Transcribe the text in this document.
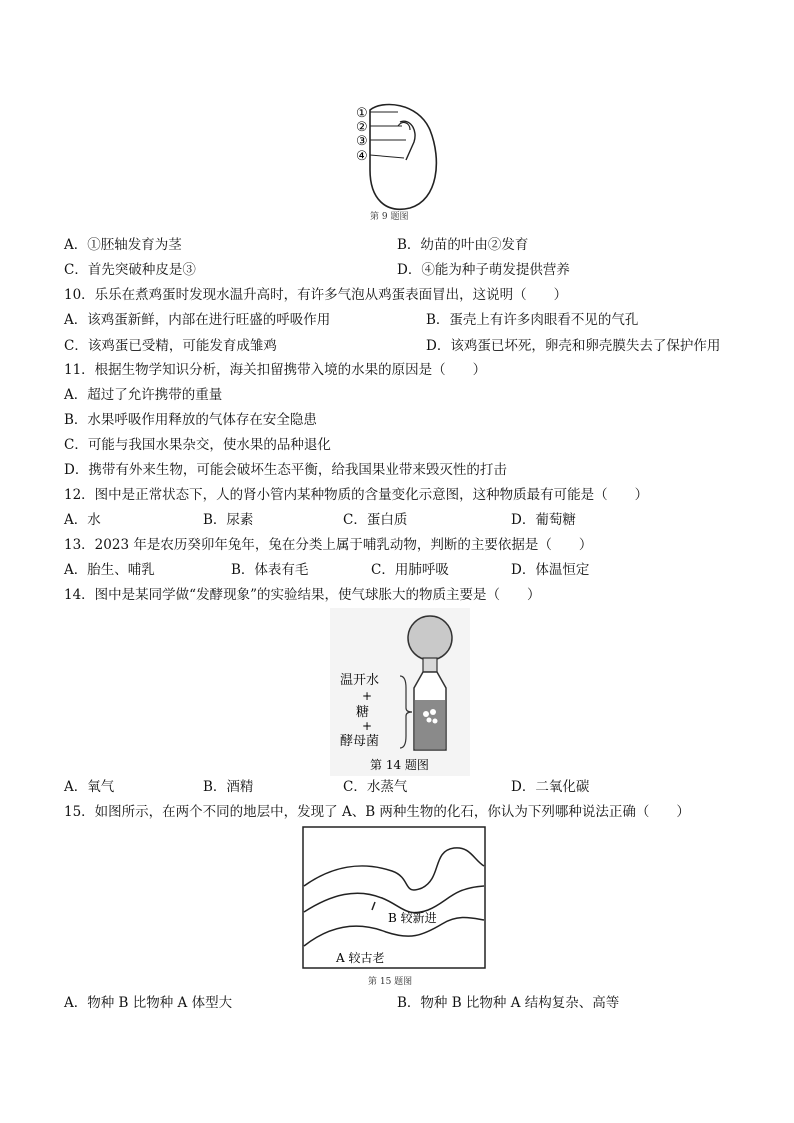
①
②
③
④
第 9 题图
A．①胚轴发育为茎	B．幼苗的叶由②发育
C．首先突破种皮是③	D．④能为种子萌发提供营养
10．乐乐在煮鸡蛋时发现水温升高时，有许多气泡从鸡蛋表面冒出，这说明（　　）
A．该鸡蛋新鲜，内部在进行旺盛的呼吸作用	B．蛋壳上有许多肉眼看不见的气孔
C．该鸡蛋已受精，可能发育成雏鸡	D．该鸡蛋已坏死，卵壳和卵壳膜失去了保护作用
11．根据生物学知识分析，海关扣留携带入境的水果的原因是（　　）
A．超过了允许携带的重量
B．水果呼吸作用释放的气体存在安全隐患
C．可能与我国水果杂交，使水果的品种退化
D．携带有外来生物，可能会破坏生态平衡，给我国果业带来毁灭性的打击
12．图中是正常状态下，人的肾小管内某种物质的含量变化示意图，这种物质最有可能是（　　）
A．水	B．尿素	C．蛋白质	D．葡萄糖
13．2023 年是农历癸卯年兔年，兔在分类上属于哺乳动物，判断的主要依据是（　　）
A．胎生、哺乳	B．体表有毛	C．用肺呼吸	D．体温恒定
14．图中是某同学做“发酵现象”的实验结果，使气球胀大的物质主要是（　　）
温开水
+
糖
+
酵母菌
第 14 题图
A．氧气	B．酒精	C．水蒸气	D．二氧化碳
15．如图所示，在两个不同的地层中，发现了 A、B 两种生物的化石，你认为下列哪种说法正确（　　）
B 较新进
A 较古老
第 15 题图
A．物种 B 比物种 A 体型大	B．物种 B 比物种 A 结构复杂、高等
